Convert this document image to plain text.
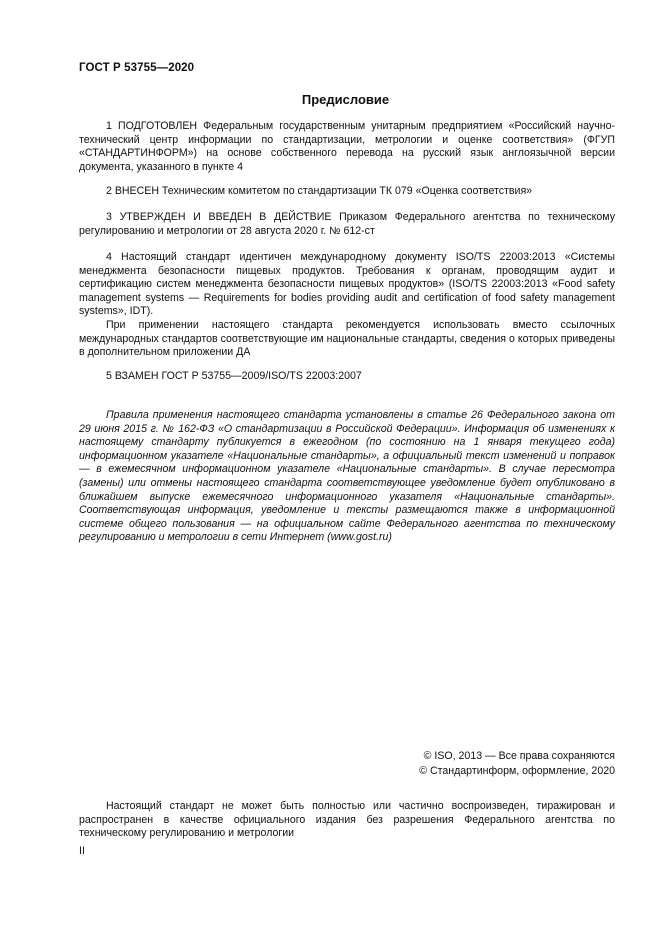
ГОСТ Р 53755—2020
Предисловие

1 ПОДГОТОВЛЕН Федеральным государственным унитарным предприятием «Российский научно-технический центр информации по стандартизации, метрологии и оценке соответствия» (ФГУП «СТАНДАРТИНФОРМ») на основе собственного перевода на русский язык англоязычной версии документа, указанного в пункте 4

2 ВНЕСЕН Техническим комитетом по стандартизации ТК 079 «Оценка соответствия»

3 УТВЕРЖДЕН И ВВЕДЕН В ДЕЙСТВИЕ Приказом Федерального агентства по техническому регулированию и метрологии от 28 августа 2020 г. № 612-ст

4 Настоящий стандарт идентичен международному документу ISO/TS 22003:2013 «Системы менеджмента безопасности пищевых продуктов. Требования к органам, проводящим аудит и сертификацию систем менеджмента безопасности пищевых продуктов» (ISO/TS 22003:2013 «Food safety management systems — Requirements for bodies providing audit and certification of food safety management systems», IDT).

При применении настоящего стандарта рекомендуется использовать вместо ссылочных международных стандартов соответствующие им национальные стандарты, сведения о которых приведены в дополнительном приложении ДА

5 ВЗАМЕН ГОСТ Р 53755—2009/ISO/TS 22003:2007

Правила применения настоящего стандарта установлены в статье 26 Федерального закона от 29 июня 2015 г. № 162-ФЗ «О стандартизации в Российской Федерации». Информация об изменениях к настоящему стандарту публикуется в ежегодном (по состоянию на 1 января текущего года) информационном указателе «Национальные стандарты», а официальный текст изменений и поправок — в ежемесячном информационном указателе «Национальные стандарты». В случае пересмотра (замены) или отмены настоящего стандарта соответствующее уведомление будет опубликовано в ближайшем выпуске ежемесячного информационного указателя «Национальные стандарты». Соответствующая информация, уведомление и тексты размещаются также в информационной системе общего пользования — на официальном сайте Федерального агентства по техническому регулированию и метрологии в сети Интернет (www.gost.ru)

© ISO, 2013 — Все права сохраняются
© Стандартинформ, оформление, 2020

Настоящий стандарт не может быть полностью или частично воспроизведен, тиражирован и распространен в качестве официального издания без разрешения Федерального агентства по техническому регулированию и метрологии

II
